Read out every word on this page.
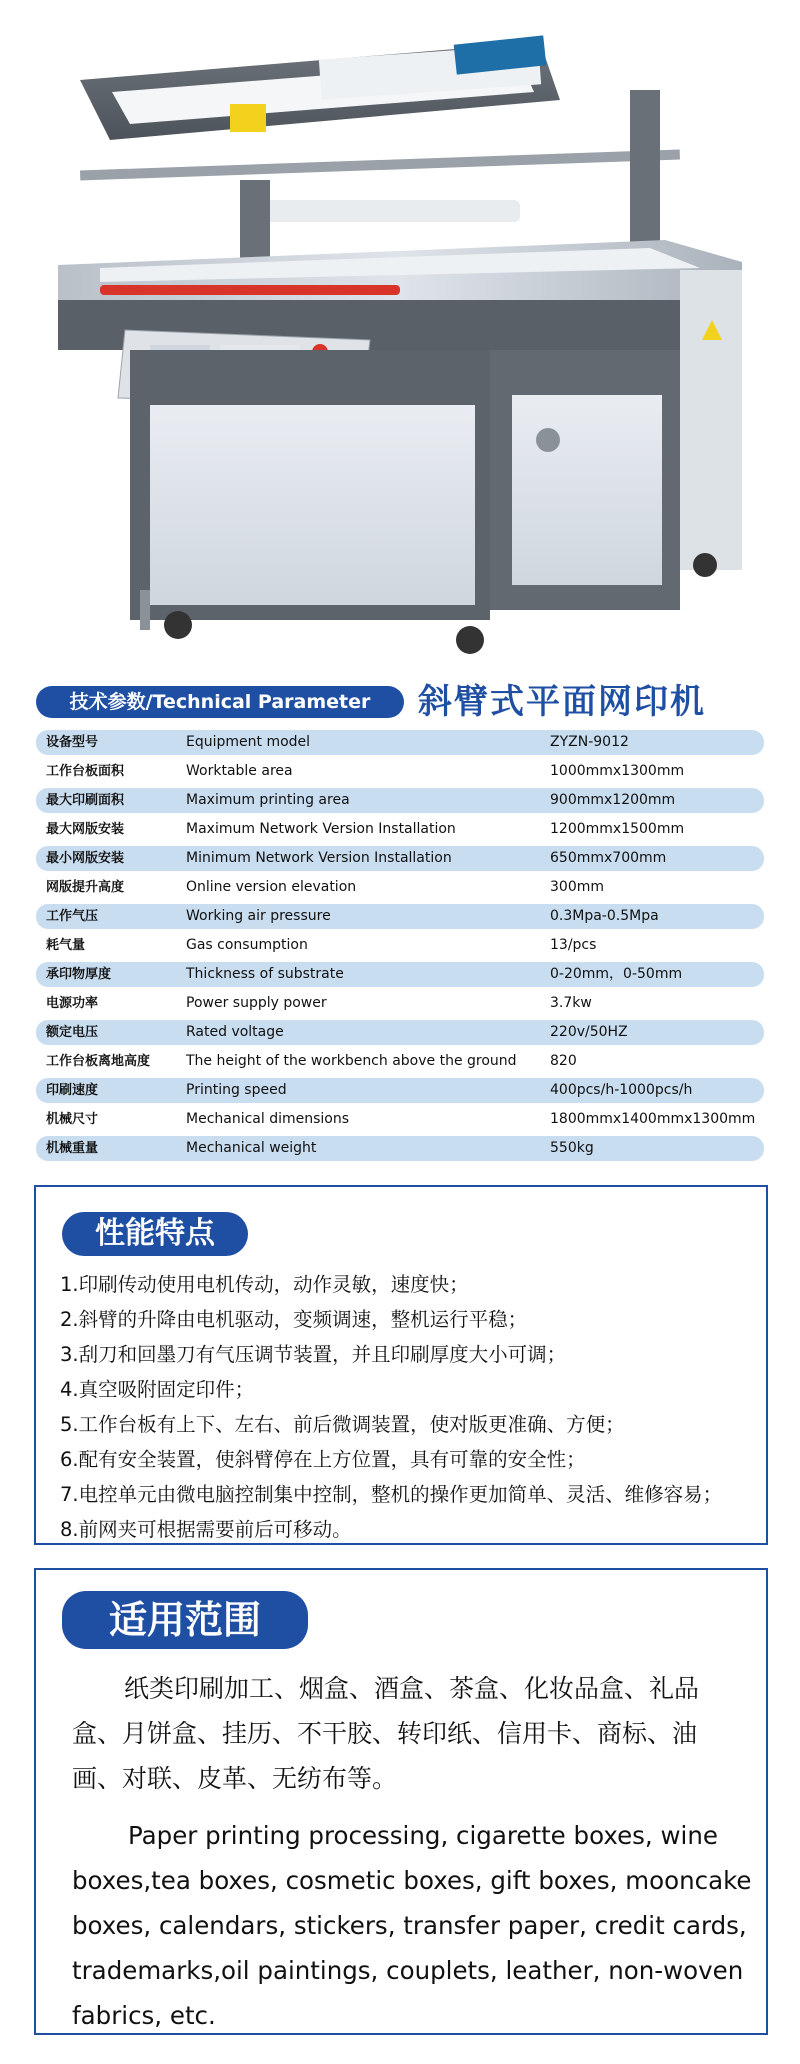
技术参数/Technical Parameter	斜臂式平面网印机
设备型号	Equipment model	ZYZN-9012
工作台板面积	Worktable area	1000mmx1300mm
最大印刷面积	Maximum printing area	900mmx1200mm
最大网版安装	Maximum Network Version Installation	1200mmx1500mm
最小网版安装	Minimum Network Version Installation	650mmx700mm
网版提升高度	Online version elevation	300mm
工作气压	Working air pressure	0.3Mpa-0.5Mpa
耗气量	Gas consumption	13/pcs
承印物厚度	Thickness of substrate	0-20mm，0-50mm
电源功率	Power supply power	3.7kw
额定电压	Rated voltage	220v/50HZ
工作台板离地高度	The height of the workbench above the ground 820
印刷速度	Printing speed	400pcs/h-1000pcs/h
机械尺寸	Mechanical dimensions	1800mmx1400mmx1300mm
机械重量	Mechanical weight	550kg
性能特点
1.印刷传动使用电机传动，动作灵敏，速度快；
2.斜臂的升降由电机驱动，变频调速，整机运行平稳；
3.刮刀和回墨刀有气压调节装置，并且印刷厚度大小可调；
4.真空吸附固定印件；
5.工作台板有上下、左右、前后微调装置，使对版更准确、方便；
6.配有安全装置，使斜臂停在上方位置，具有可靠的安全性；
7.电控单元由微电脑控制集中控制，整机的操作更加简单、灵活、维修容易；
8.前网夹可根据需要前后可移动。
适用范围

纸类印刷加工、烟盒、酒盒、茶盒、化妆品盒、礼品盒、月饼盒、挂历、不干胶、转印纸、信用卡、商标、油画、对联、皮革、无纺布等。

Paper printing processing, cigarette boxes, wine boxes,tea boxes, cosmetic boxes, gift boxes, mooncake boxes, calendars, stickers, transfer paper, credit cards, trademarks,oil paintings, couplets, leather, non-woven fabrics, etc.
